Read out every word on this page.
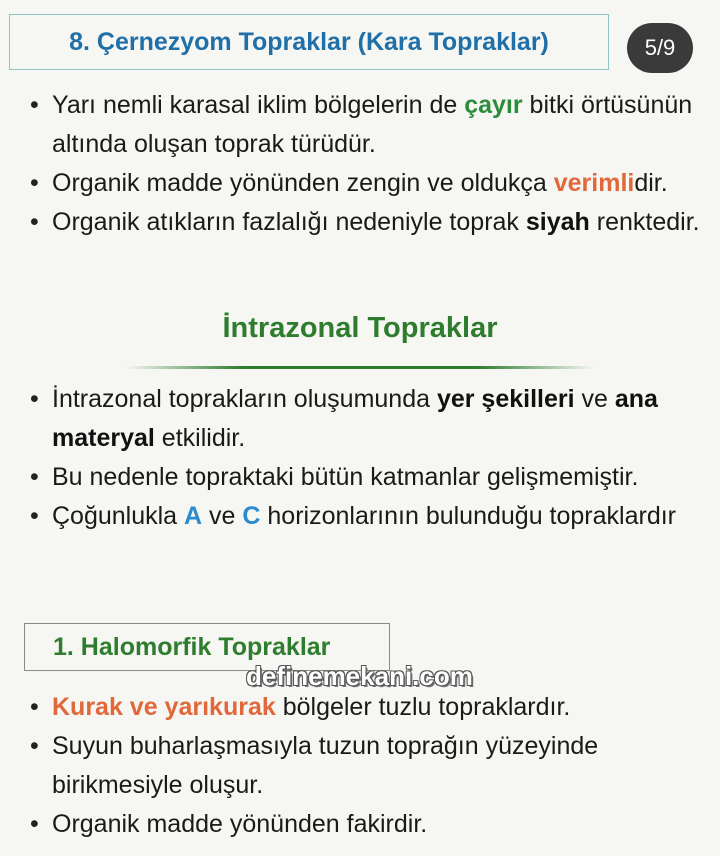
8. Çernezyom Topraklar (Kara Topraklar)	5/9
• Yarı nemli karasal iklim bölgelerin de çayır bitki örtüsünün altında oluşan toprak türüdür.
• Organik madde yönünden zengin ve oldukça verimlidir.
• Organik atıkların fazlalığı nedeniyle toprak siyah renktedir.
İntrazonal Topraklar
• İntrazonal toprakların oluşumunda yer şekilleri ve ana materyal etkilidir.
• Bu nedenle topraktaki bütün katmanlar gelişmemiştir.
• Çoğunlukla A ve C horizonlarının bulunduğu topraklardır
1. Halomorfik Topraklar
definemekani.com
• Kurak ve yarıkurak bölgeler tuzlu topraklardır.
• Suyun buharlaşmasıyla tuzun toprağın yüzeyinde birikmesiyle oluşur.
• Organik madde yönünden fakirdir.
